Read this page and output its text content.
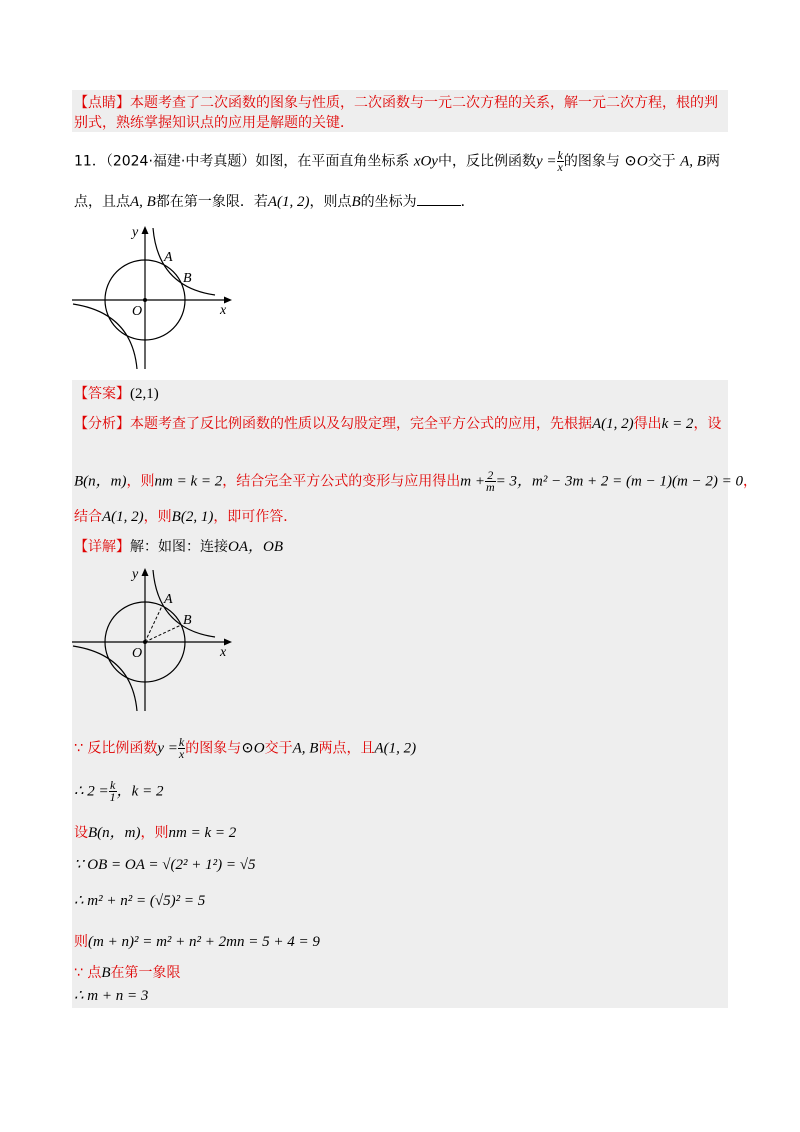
【点睛】本题考查了二次函数的图象与性质，二次函数与一元二次方程的关系，解一元二次方程，根的判
别式，熟练掌握知识点的应用是解题的关键．
11．（2024·福建·中考真题）如图，在平面直角坐标系 xOy中，反比例函数$y = \frac{k}{x}$ 的图象与 ⊙O交于 A, B两
点，且点A, B都在第一象限．若A(1, 2)，则点B的坐标为	．
y
x
O
A
B
【答案】(2,1)
【分析】本题考查了反比例函数的性质以及勾股定理，完全平方公式的应用，先根据A(1, 2)得出k = 2，设
B(n，m)，则nm = k = 2，结合完全平方公式的变形与应用得出$m + \frac{2}{m} = 3$，m² − 3m + 2 = (m − 1)(m − 2) = 0，
结合A(1, 2)，则B(2, 1)，即可作答．
【详解】解：如图：连接OA，OB
y
x
O
A
B
∵ 反比例函数$y = \frac{k}{x}$ 的图象与⊙O交于A, B两点，且A(1, 2)
∴ $2 = \frac{k}{1}$ ，k = 2
设B(n，m)，则nm = k = 2
∵ OB = OA = √(2² + 1²) = √5
∴ m² + n² = (√5)² = 5
则(m + n)² = m² + n² + 2mn = 5 + 4 = 9
∵ 点B在第一象限
∴ m + n = 3
